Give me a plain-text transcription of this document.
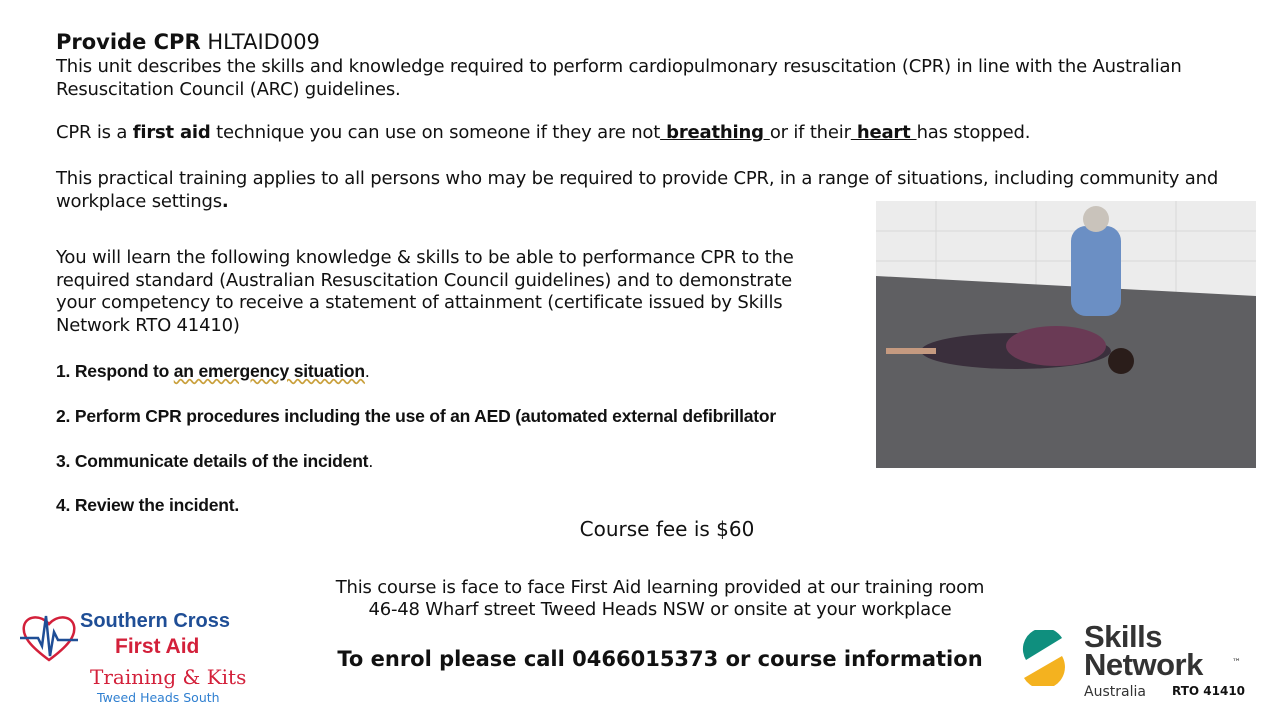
Provide CPR HLTAID009
This unit describes the skills and knowledge required to perform cardiopulmonary resuscitation (CPR) in line with the Australian Resuscitation Council (ARC) guidelines.
CPR is a first aid technique you can use on someone if they are not breathing or if their heart has stopped.
This practical training applies to all persons who may be required to provide CPR, in a range of situations, including community and workplace settings.
You will learn the following knowledge & skills to be able to performance CPR to the required standard (Australian Resuscitation Council guidelines) and to demonstrate your competency to receive a statement of attainment (certificate issued by Skills Network RTO 41410)
1. Respond to an emergency situation.
2. Perform CPR procedures including the use of an AED (automated external defibrillator
3. Communicate details of the incident.
4. Review the incident.
Course fee is $60
This course is face to face First Aid learning provided at our training room
46-48 Wharf street Tweed Heads NSW or onsite at your workplace
To enrol please call 0466015373 or course information
Southern Cross
First Aid
Training & Kits
Tweed Heads South
Skills
Network	™
Australia RTO 41410
